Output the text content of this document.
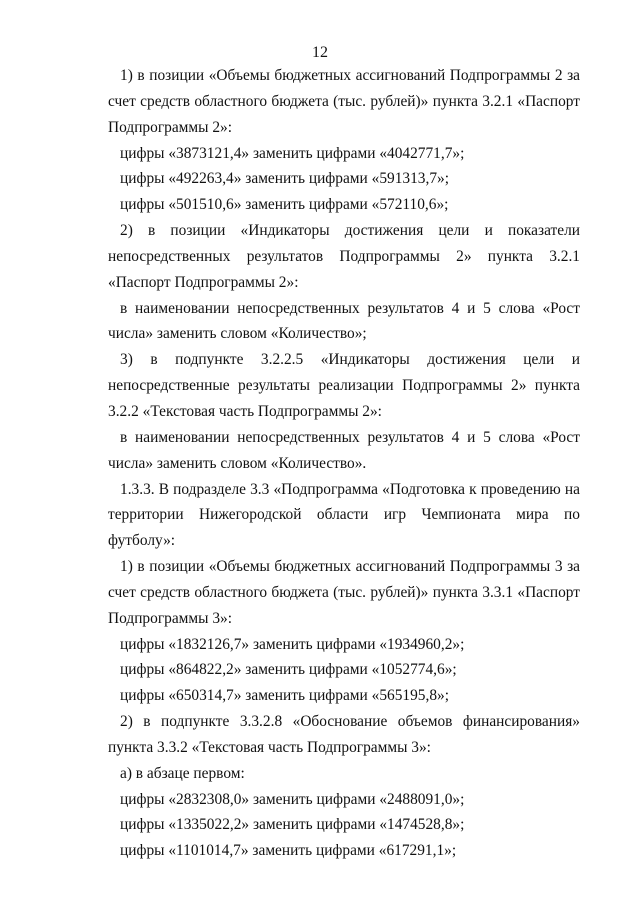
12

1) в позиции «Объемы бюджетных ассигнований Подпрограммы 2 за счет средств областного бюджета (тыс. рублей)» пункта 3.2.1 «Паспорт Подпрограммы 2»:

цифры «3873121,4» заменить цифрами «4042771,7»;

цифры «492263,4» заменить цифрами «591313,7»;

цифры «501510,6» заменить цифрами «572110,6»;

2) в позиции «Индикаторы достижения цели и показатели непосредственных результатов Подпрограммы 2» пункта 3.2.1 «Паспорт Подпрограммы 2»:

в наименовании непосредственных результатов 4 и 5 слова «Рост числа» заменить словом «Количество»;

3) в подпункте 3.2.2.5 «Индикаторы достижения цели и непосредственные результаты реализации Подпрограммы 2» пункта 3.2.2 «Текстовая часть Подпрограммы 2»:

в наименовании непосредственных результатов 4 и 5 слова «Рост числа» заменить словом «Количество».

1.3.3. В подразделе 3.3 «Подпрограмма «Подготовка к проведению на территории Нижегородской области игр Чемпионата мира по футболу»:

1) в позиции «Объемы бюджетных ассигнований Подпрограммы 3 за счет средств областного бюджета (тыс. рублей)» пункта 3.3.1 «Паспорт Подпрограммы 3»:

цифры «1832126,7» заменить цифрами «1934960,2»;

цифры «864822,2» заменить цифрами «1052774,6»;

цифры «650314,7» заменить цифрами «565195,8»;

2) в подпункте 3.3.2.8 «Обоснование объемов финансирования» пункта 3.3.2 «Текстовая часть Подпрограммы 3»:

а) в абзаце первом:

цифры «2832308,0» заменить цифрами «2488091,0»;

цифры «1335022,2» заменить цифрами «1474528,8»;

цифры «1101014,7» заменить цифрами «617291,1»;
